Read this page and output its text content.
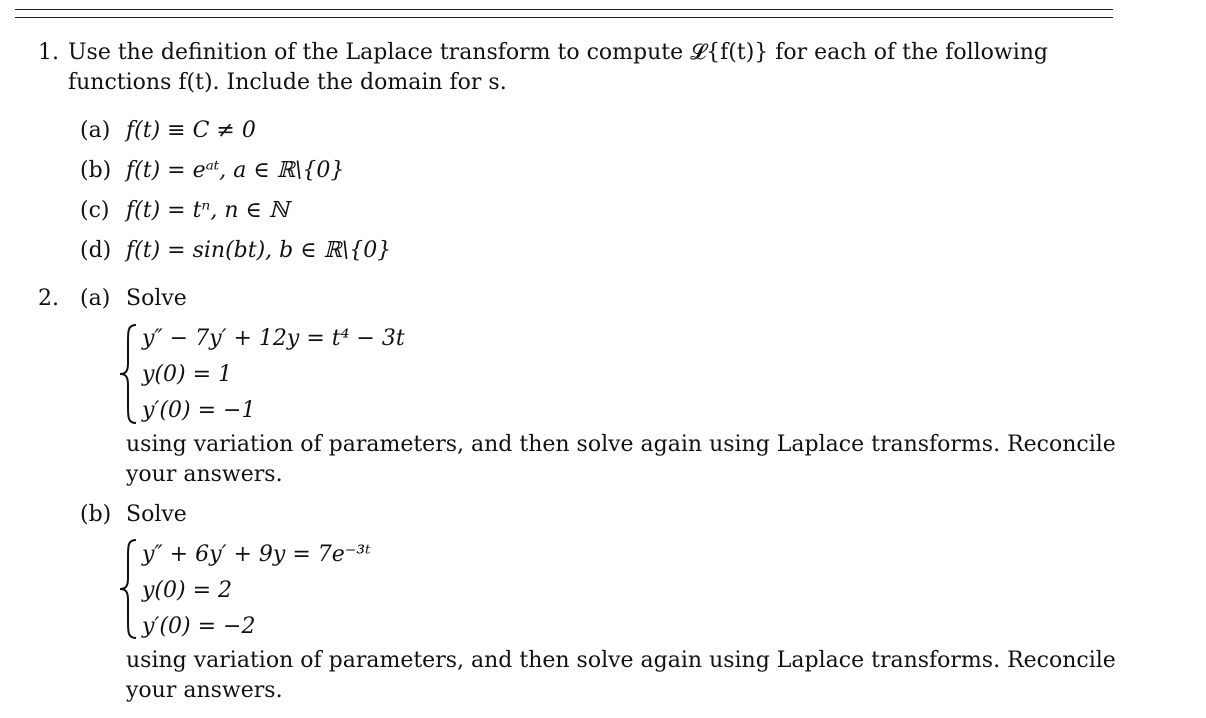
1. Use the definition of the Laplace transform to compute 𝓛{f(t)} for each of the following
functions f(t). Include the domain for s.
(a) f(t) ≡ C ≠ 0
(b) f(t) = eᵃᵗ, a ∈ ℝ\{0}
(c) f(t) = tⁿ, n ∈ ℕ
(d) f(t) = sin(bt), b ∈ ℝ\{0}
2. (a) Solve
y″ − 7y′ + 12y = t⁴ − 3t
y(0) = 1
y′(0) = −1
using variation of parameters, and then solve again using Laplace transforms. Reconcile
your answers.
(b) Solve
y″ + 6y′ + 9y = 7e⁻³ᵗ
y(0) = 2
y′(0) = −2
using variation of parameters, and then solve again using Laplace transforms. Reconcile
your answers.
